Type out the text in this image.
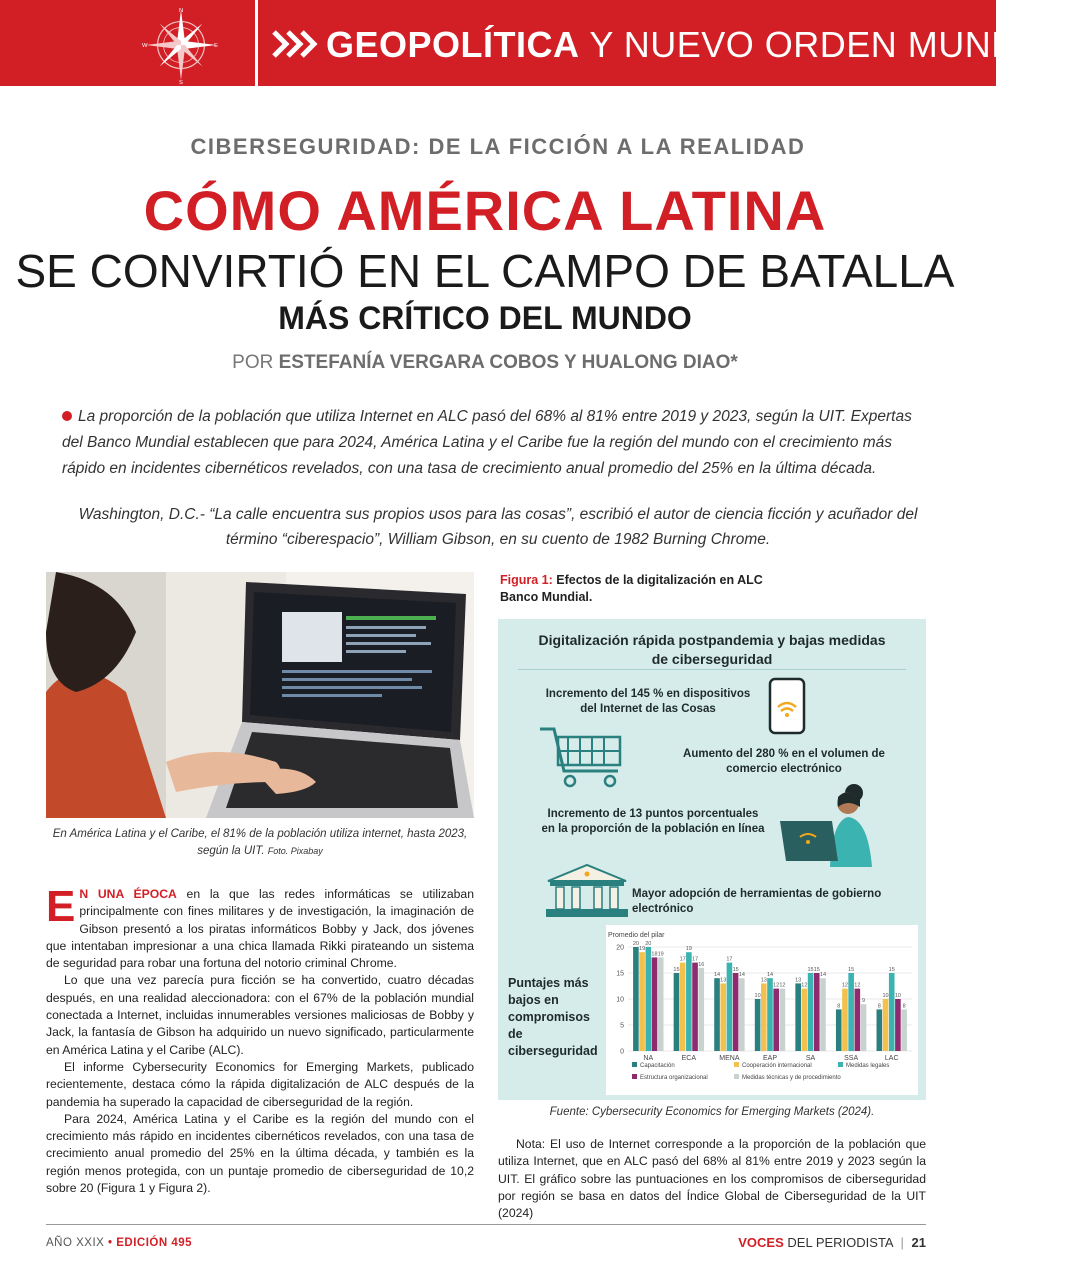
N
S
E
W	GEOPOLÍTICA Y NUEVO ORDEN MUNDIAL
CIBERSEGURIDAD: DE LA FICCIÓN A LA REALIDAD
CÓMO AMÉRICA LATINA
SE CONVIRTIÓ EN EL CAMPO DE BATALLA
MÁS CRÍTICO DEL MUNDO
POR ESTEFANÍA VERGARA COBOS Y HUALONG DIAO*
La proporción de la población que utiliza Internet en ALC pasó del 68% al 81% entre 2019 y 2023, según la UIT. Expertas del Banco Mundial establecen que para 2024, América Latina y el Caribe fue la región del mundo con el crecimiento más rápido en incidentes cibernéticos revelados, con una tasa de crecimiento anual promedio del 25% en la última década.
Washington, D.C.- “La calle encuentra sus propios usos para las cosas”, escribió el autor de ciencia ficción y acuñador del término “ciberespacio”, William Gibson, en su cuento de 1982 Burning Chrome.
En América Latina y el Caribe, el 81% de la población utiliza internet, hasta 2023, según la UIT. Foto. Pixabay

E N UNA ÉPOCA en la que las redes informáticas se utilizaban principalmente con fines militares y de investigación, la imaginación de Gibson presentó a los piratas informáticos Bobby y Jack, dos jóvenes que intentaban impresionar a una chica llamada Rikki pirateando un sistema de seguridad para robar una fortuna del notorio criminal Chrome.

Lo que una vez parecía pura ficción se ha convertido, cuatro décadas después, en una realidad aleccionadora: con el 67% de la población mundial conectada a Internet, incluidas innumerables versiones maliciosas de Bobby y Jack, la fantasía de Gibson ha adquirido un nuevo significado, particularmente en América Latina y el Caribe (ALC).

El informe Cybersecurity Economics for Emerging Markets, publicado recientemente, destaca cómo la rápida digitalización de ALC después de la pandemia ha superado la capacidad de ciberseguridad de la región.

Para 2024, América Latina y el Caribe es la región del mundo con el crecimiento más rápido en incidentes cibernéticos revelados, con una tasa de crecimiento anual promedio del 25% en la última década, y también es la región menos protegida, con un puntaje promedio de ciberseguridad de 10,2 sobre 20 (Figura 1 y Figura 2).

Figura 1: Efectos de la digitalización en ALC
Banco Mundial.
Digitalización rápida postpandemia y bajas medidas
de ciberseguridad
Incremento del 145 % en dispositivos
del Internet de las Cosas
Aumento del 280 % en el volumen de
comercio electrónico
Incremento de 13 puntos porcentuales
en la proporción de la población en línea
Mayor adopción de herramientas de gobierno
electrónico
Puntajes más
bajos en
compromisos
de
ciberseguridad
Promedio del pilar
0
5
10
15
20
20
19
20
18 19
NA
15
17
19
17
16
ECA
14
13
17
15
14
MENA
10
13
14
12 12
EAP
13
12
15 15
14
SA
8
12
15
12
9
SSA
8
10
15
10
8
LAC
Capacitación	Cooperación internacional	Medidas legales
Estructura organizacional	Medidas técnicas y de procedimiento
Fuente: Cybersecurity Economics for Emerging Markets (2024).
Nota: El uso de Internet corresponde a la proporción de la población que utiliza Internet, que en ALC pasó del 68% al 81% entre 2019 y 2023 según la UIT. El gráfico sobre las puntuaciones en los compromisos de ciberseguridad por región se basa en datos del Índice Global de Ciberseguridad de la UIT (2024)
AÑO XXIX • EDICIÓN 495	VOCES DEL PERIODISTA | 21
